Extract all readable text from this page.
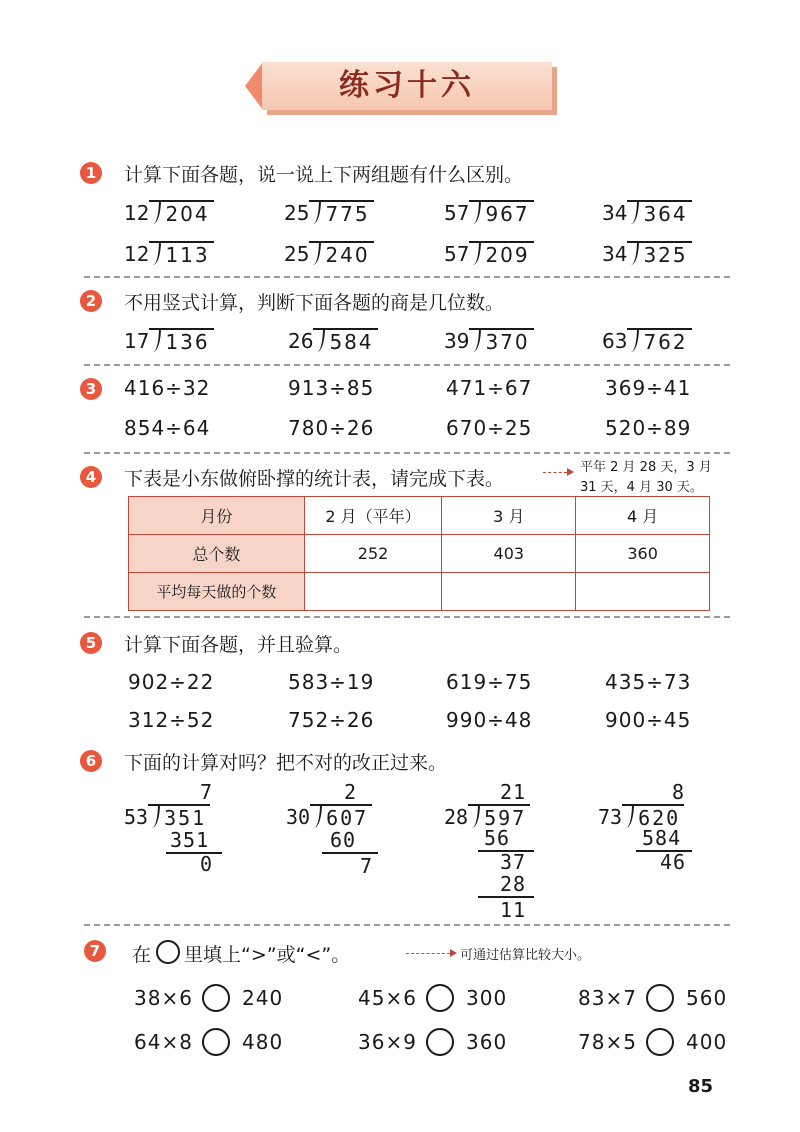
练习十六
1	计算下面各题，说一说上下两组题有什么区别。
12 204	25 775	57 967	34 364
12 113	25 240	57 209	34 325
2	不用竖式计算，判断下面各题的商是几位数。
17 136	26 584	39 370	63 762
3 416÷32	913÷85	471÷67	369÷41
854÷64	780÷26	670÷25	520÷89
4	下表是小东做俯卧撑的统计表，请完成下表。
平年 2 月 28 天，3 月
31 天，4 月 30 天。
月份	2 月（平年）	3 月	4 月
总个数	252	403	360
平均每天做的个数			
5	计算下面各题，并且验算。
902÷22	583÷19	619÷75	435÷73
312÷52	752÷26	990÷48	900÷45
6	下面的计算对吗？把不对的改正过来。
7
53 351
351
0
2
30 607
60
7
21
28 597
56
37
28
11
8
73 620
584
46
7	在 里填上“>”或“<”。	可通过估算比较大小。
38×6 240	45×6 300	83×7 560
64×8 480	36×9 360	78×5 400
85
